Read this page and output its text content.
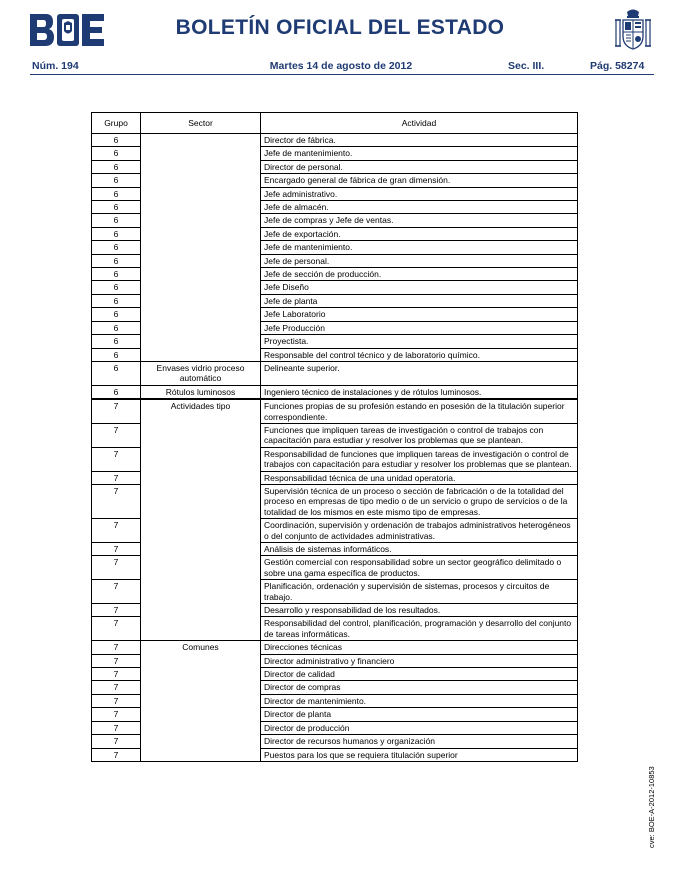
BOLETÍN OFICIAL DEL ESTADO
Núm. 194	Martes 14 de agosto de 2012	Sec. III.	Pág. 58274
Grupo	Sector	Actividad
6		Director de fábrica.
6		Jefe de mantenimiento.
6		Director de personal.
6		Encargado general de fábrica de gran dimensión.
6		Jefe administrativo.
6		Jefe de almacén.
6		Jefe de compras y Jefe de ventas.
6		Jefe de exportación.
6		Jefe de mantenimiento.
6		Jefe de personal.
6		Jefe de sección de producción.
6		Jefe Diseño
6		Jefe de planta
6		Jefe Laboratorio
6		Jefe Producción
6		Proyectista.
6		Responsable del control técnico y de laboratorio químico.
6	Envases vidrio proceso automático	Delineante superior.
6	Rótulos luminosos	Ingeniero técnico de instalaciones y de rótulos luminosos.
7	Actividades tipo	Funciones propias de su profesión estando en posesión de la titulación superior correspondiente.
7		Funciones que impliquen tareas de investigación o control de trabajos con capacitación para estudiar y resolver los problemas que se plantean.
7		Responsabilidad de funciones que impliquen tareas de investigación o control de trabajos con capacitación para estudiar y resolver los problemas que se plantean.
7		Responsabilidad técnica de una unidad operatoria.
7		Supervisión técnica de un proceso o sección de fabricación o de la totalidad del proceso en empresas de tipo medio o de un servicio o grupo de servicios o de la totalidad de los mismos en este mismo tipo de empresas.
7		Coordinación, supervisión y ordenación de trabajos administrativos heterogéneos o del conjunto de actividades administrativas.
7		Análisis de sistemas informáticos.
7		Gestión comercial con responsabilidad sobre un sector geográfico delimitado o sobre una gama específica de productos.
7		Planificación, ordenación y supervisión de sistemas, procesos y circuitos de trabajo.
7		Desarrollo y responsabilidad de los resultados.
7		Responsabilidad del control, planificación, programación y desarrollo del conjunto de tareas informáticas.
7	Comunes	Direcciones técnicas
7		Director administrativo y financiero
7		Director de calidad
7		Director de compras
7		Director de mantenimiento.
7		Director de planta
7		Director de producción
7		Director de recursos humanos y organización
7		Puestos para los que se requiera titulación superior
cve: BOE-A-2012-10853
